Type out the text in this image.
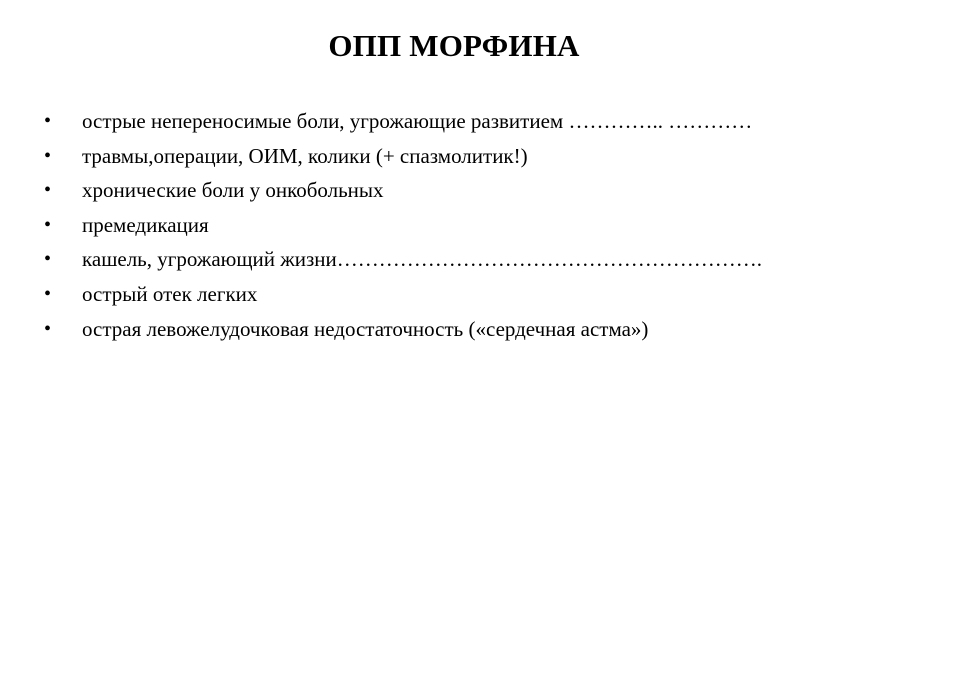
ОПП МОРФИНА
•	острые непереносимые боли, угрожающие развитием ………….. …………
•	травмы,операции, ОИМ, колики (+ спазмолитик!)
•	хронические боли у онкобольных
•	премедикация
•	кашель, угрожающий жизни…………………………………………………….
•	острый отек легких
•	острая левожелудочковая недостаточность («сердечная астма»)
